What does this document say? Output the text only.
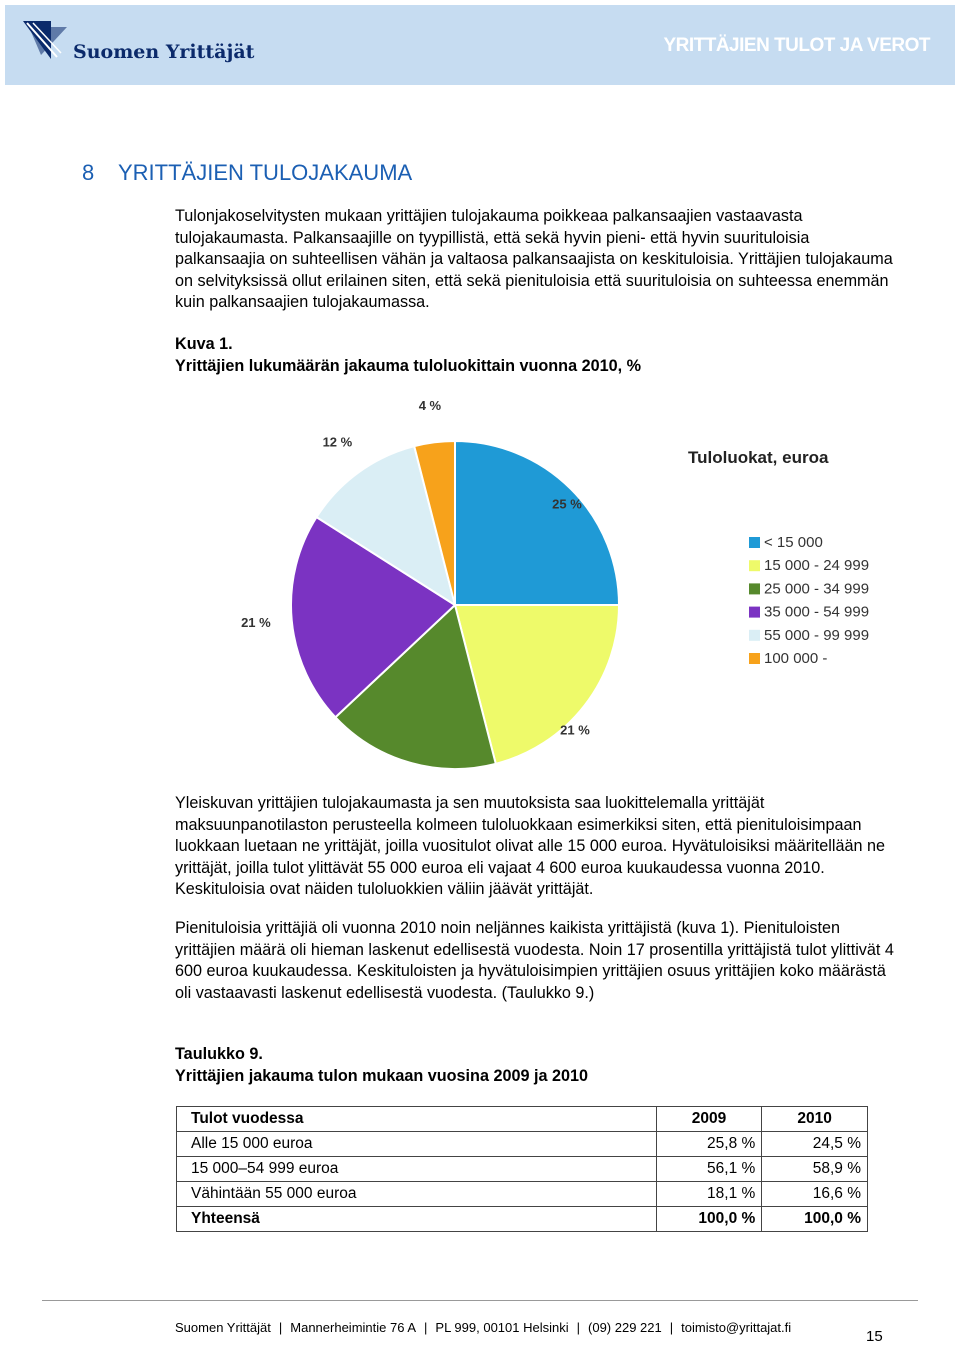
Suomen Yrittäjät	YRITTÄJIEN TULOT JA VEROT
8 YRITTÄJIEN TULOJAKAUMA
Tulonjakoselvitysten mukaan yrittäjien tulojakauma poikkeaa palkansaajien vastaavasta tulojakaumasta. Palkansaajille on tyypillistä, että sekä hyvin pieni- että hyvin suurituloisia palkansaajia on suhteellisen vähän ja valtaosa palkansaajista on keskituloisia. Yrittäjien tulojakauma on selvityksissä ollut erilainen siten, että sekä pienituloisia että suurituloisia on suhteessa enemmän kuin palkansaajien tulojakaumassa.
Kuva 1.
Yrittäjien lukumäärän jakauma tuloluokittain vuonna 2010, %
25 %
21 %
21 %
12 %
4 %
Tuloluokat, euroa
< 15 000
15 000 - 24 999
25 000 - 34 999
35 000 - 54 999
55 000 - 99 999
100 000 -
Yleiskuvan yrittäjien tulojakaumasta ja sen muutoksista saa luokittelemalla yrittäjät maksuunpanotilaston perusteella kolmeen tuloluokkaan esimerkiksi siten, että pienituloisimpaan luokkaan luetaan ne yrittäjät, joilla vuositulot olivat alle 15 000 euroa. Hyvätuloisiksi määritellään ne yrittäjät, joilla tulot ylittävät 55 000 euroa eli vajaat 4 600 euroa kuukaudessa vuonna 2010. Keskituloisia ovat näiden tuloluokkien väliin jäävät yrittäjät.
Pienituloisia yrittäjiä oli vuonna 2010 noin neljännes kaikista yrittäjistä (kuva 1). Pienituloisten yrittäjien määrä oli hieman laskenut edellisestä vuodesta. Noin 17 prosentilla yrittäjistä tulot ylittivät 4 600 euroa kuukaudessa. Keskituloisten ja hyvätuloisimpien yrittäjien osuus yrittäjien koko määrästä oli vastaavasti laskenut edellisestä vuodesta. (Taulukko 9.)
Taulukko 9.
Yrittäjien jakauma tulon mukaan vuosina 2009 ja 2010
Tulot vuodessa	2009	2010
Alle 15 000 euroa	25,8 %	24,5 %
15 000–54 999 euroa	56,1 %	58,9 %
Vähintään 55 000 euroa	18,1 %	16,6 %
Yhteensä	100,0 %	100,0 %
Suomen Yrittäjät | Mannerheimintie 76 A | PL 999, 00101 Helsinki | (09) 229 221 | toimisto@yrittajat.fi
15
